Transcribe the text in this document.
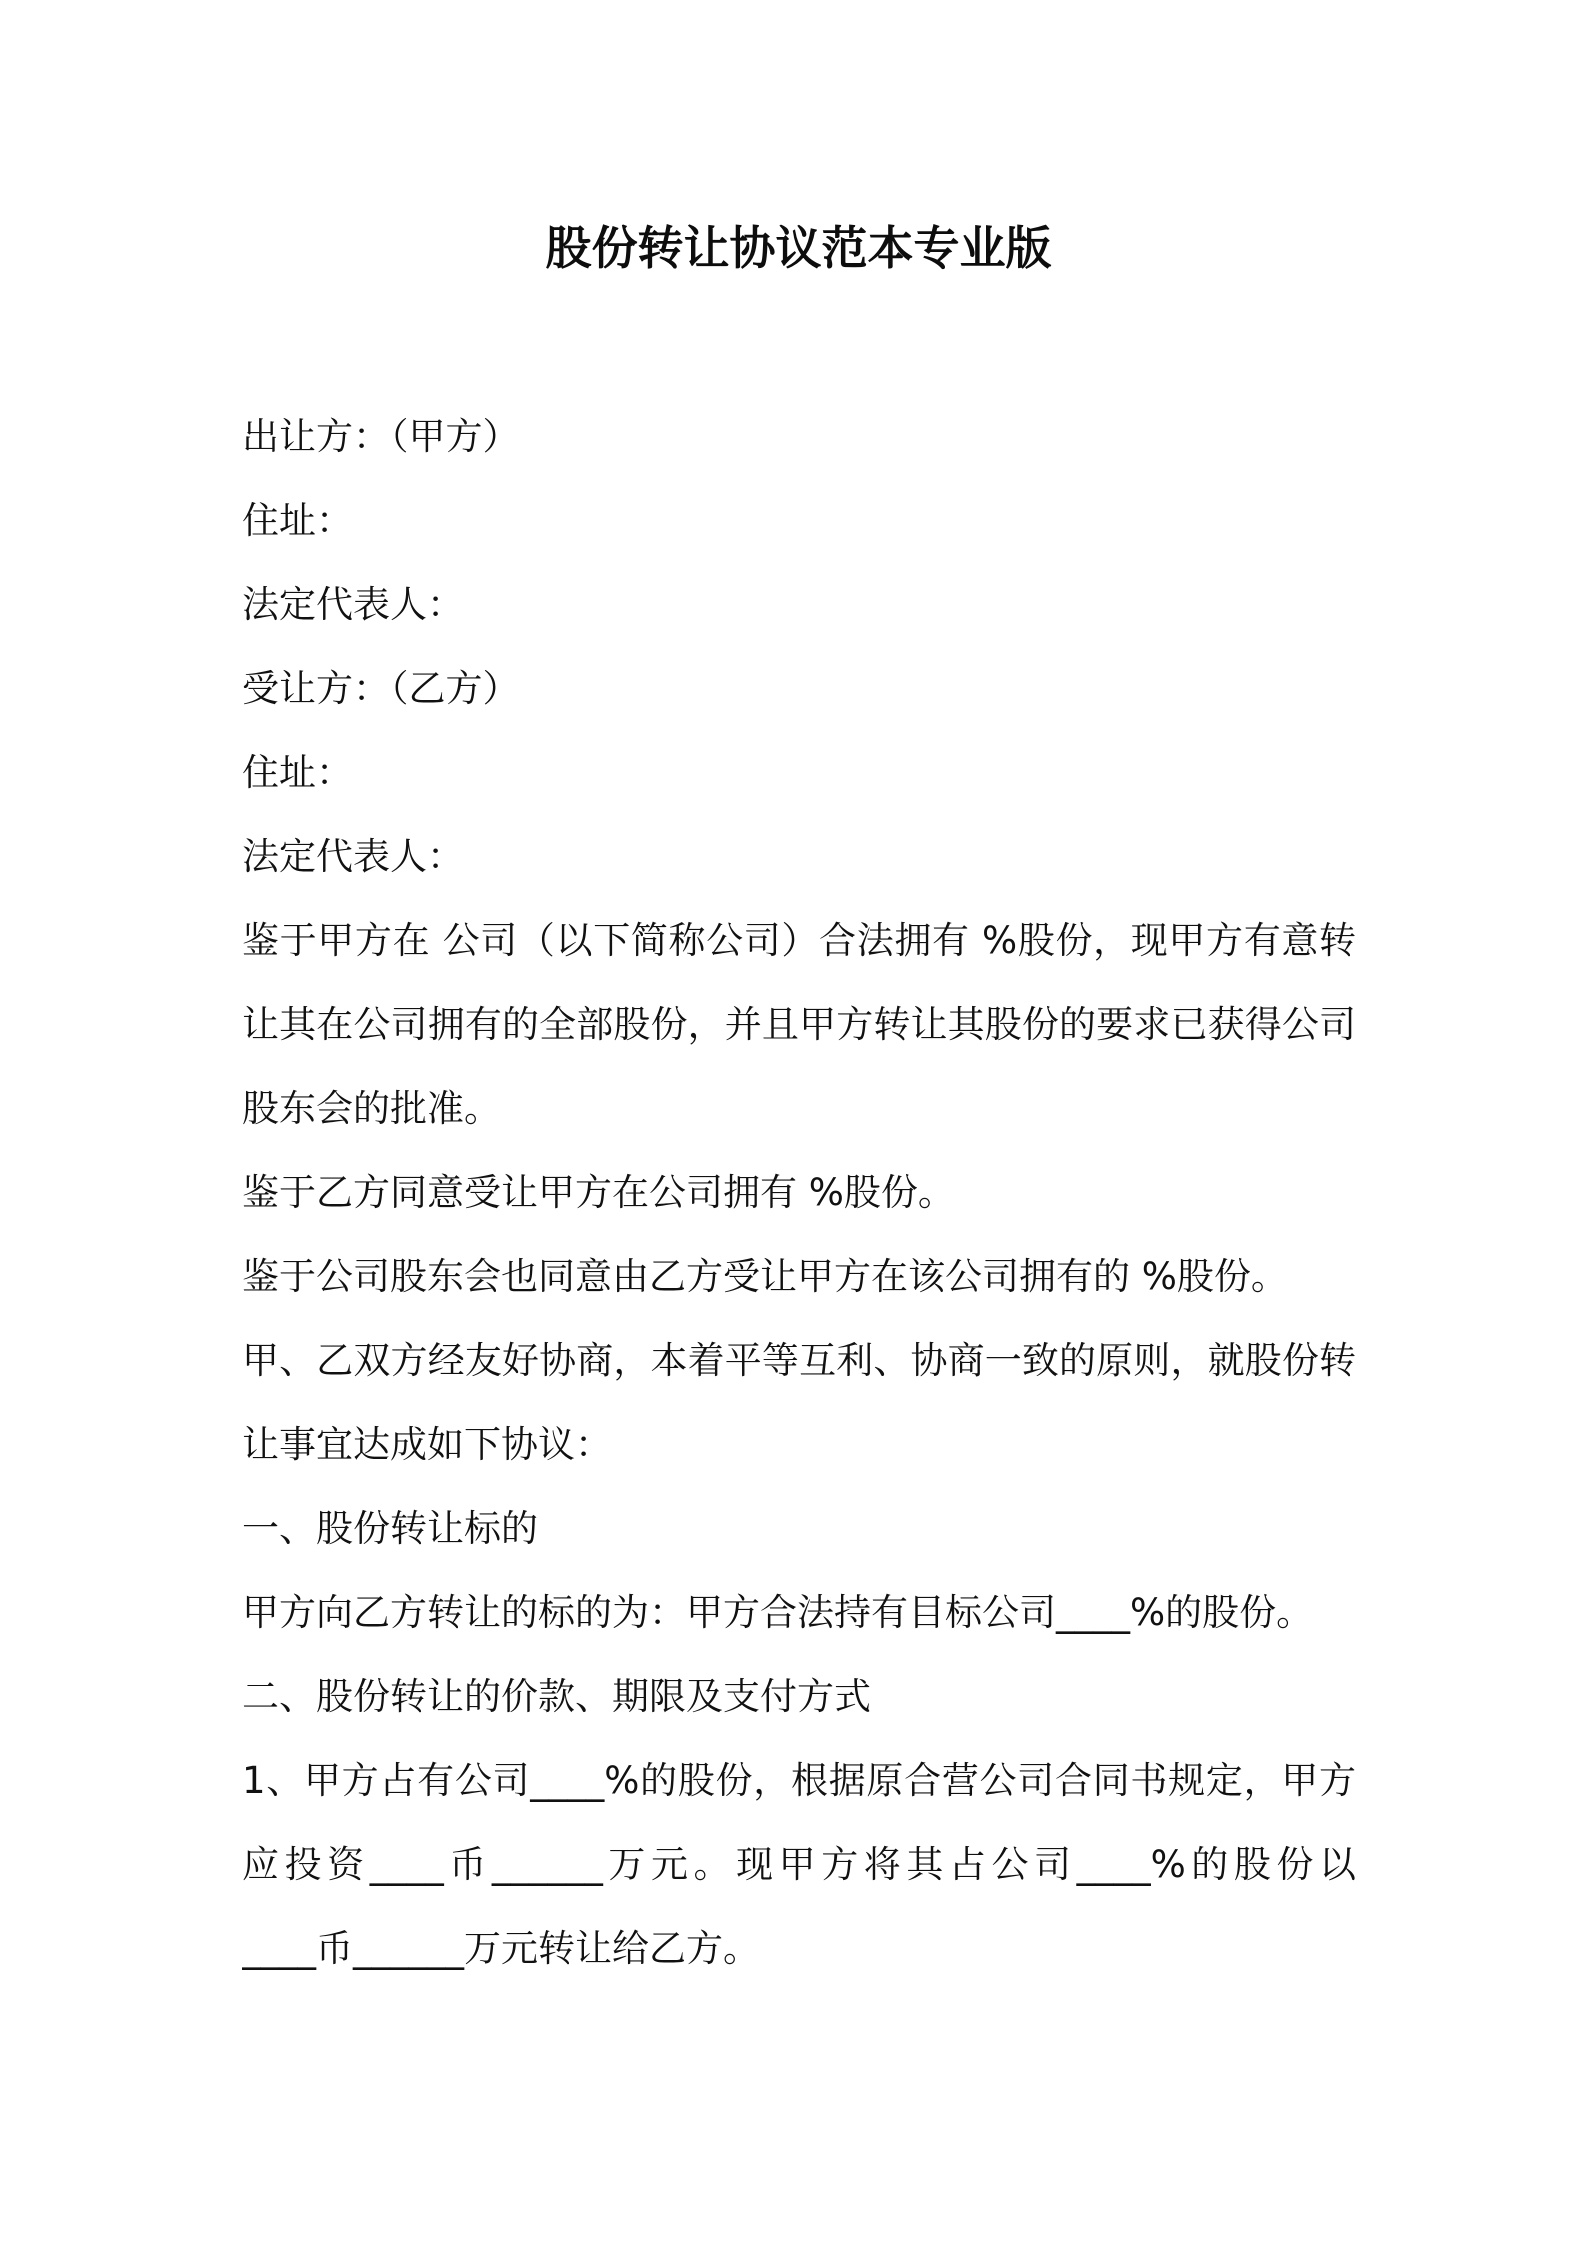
股份转让协议范本专业版
出让方：（甲方）
住址：
法定代表人：
受让方：（乙方）
住址：
法定代表人：
鉴于甲方在 公司（以下简称公司）合法拥有 %股份，现甲方有意转
让其在公司拥有的全部股份，并且甲方转让其股份的要求已获得公司
股东会的批准。
鉴于乙方同意受让甲方在公司拥有 %股份。
鉴于公司股东会也同意由乙方受让甲方在该公司拥有的 %股份。
甲、乙双方经友好协商，本着平等互利、协商一致的原则，就股份转
让事宜达成如下协议：
一、股份转让标的
甲方向乙方转让的标的为：甲方合法持有目标公司____%的股份。
二、股份转让的价款、期限及支付方式
1、甲方占有公司____%的股份，根据原合营公司合同书规定，甲方
应投资____币______万元。现甲方将其占公司____%的股份以
____币______万元转让给乙方。
